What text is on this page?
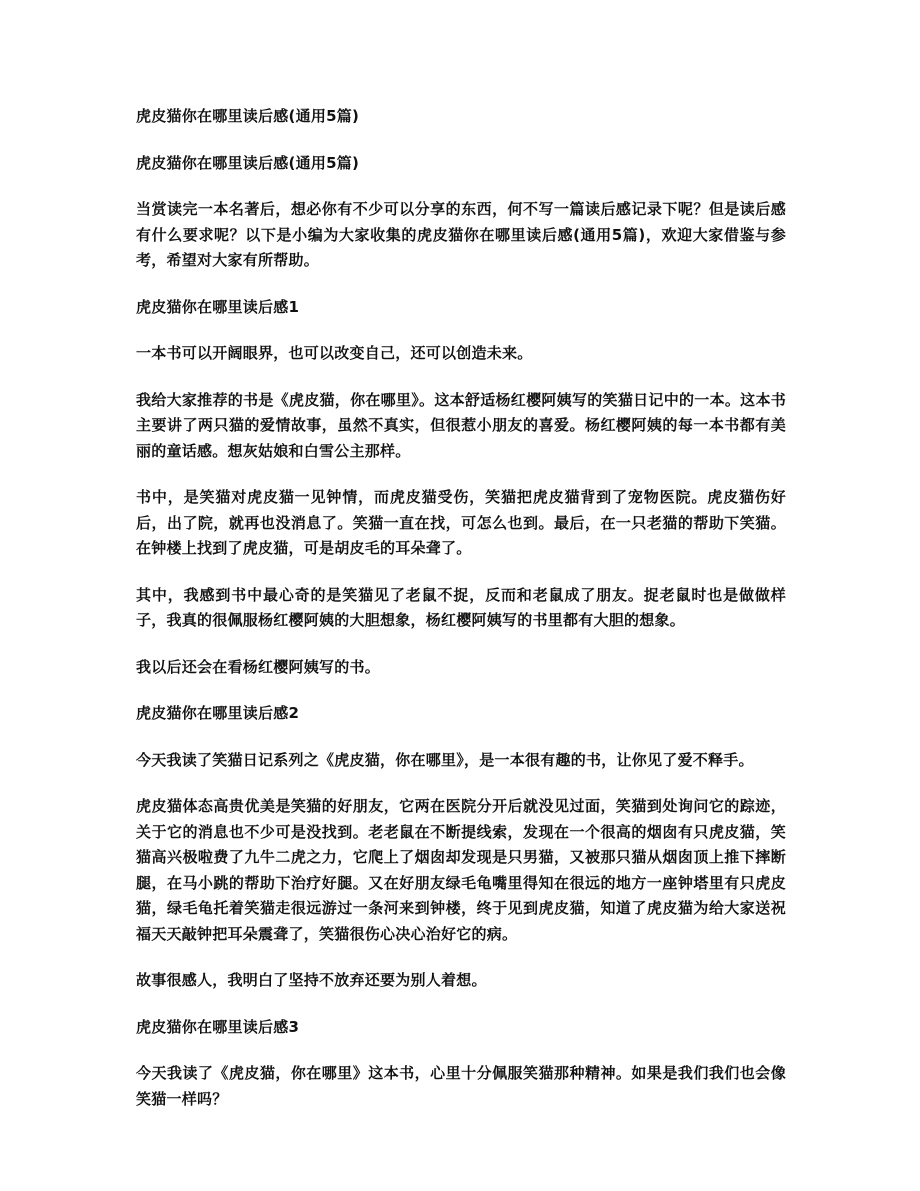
虎皮猫你在哪里读后感(通用5篇)

虎皮猫你在哪里读后感(通用5篇)

当赏读完一本名著后，想必你有不少可以分享的东西，何不写一篇读后感记录下呢？但是读后感有什么要求呢？以下是小编为大家收集的虎皮猫你在哪里读后感(通用5篇)，欢迎大家借鉴与参考，希望对大家有所帮助。

虎皮猫你在哪里读后感1

一本书可以开阔眼界，也可以改变自己，还可以创造未来。

我给大家推荐的书是《虎皮猫，你在哪里》。这本舒适杨红樱阿姨写的笑猫日记中的一本。这本书主要讲了两只猫的爱情故事，虽然不真实，但很惹小朋友的喜爱。杨红樱阿姨的每一本书都有美丽的童话感。想灰姑娘和白雪公主那样。

书中，是笑猫对虎皮猫一见钟情，而虎皮猫受伤，笑猫把虎皮猫背到了宠物医院。虎皮猫伤好后，出了院，就再也没消息了。笑猫一直在找，可怎么也到。最后，在一只老猫的帮助下笑猫。在钟楼上找到了虎皮猫，可是胡皮毛的耳朵聋了。

其中，我感到书中最心奇的是笑猫见了老鼠不捉，反而和老鼠成了朋友。捉老鼠时也是做做样子，我真的很佩服杨红樱阿姨的大胆想象，杨红樱阿姨写的书里都有大胆的想象。

我以后还会在看杨红樱阿姨写的书。

虎皮猫你在哪里读后感2

今天我读了笑猫日记系列之《虎皮猫，你在哪里》，是一本很有趣的书，让你见了爱不释手。

虎皮猫体态高贵优美是笑猫的好朋友，它两在医院分开后就没见过面，笑猫到处询问它的踪迹，关于它的消息也不少可是没找到。老老鼠在不断提线索，发现在一个很高的烟囱有只虎皮猫，笑猫高兴极啦费了九牛二虎之力，它爬上了烟囱却发现是只男猫，又被那只猫从烟囱顶上推下摔断腿，在马小跳的帮助下治疗好腿。又在好朋友绿毛龟嘴里得知在很远的地方一座钟塔里有只虎皮猫，绿毛龟托着笑猫走很远游过一条河来到钟楼，终于见到虎皮猫，知道了虎皮猫为给大家送祝福天天敲钟把耳朵震聋了，笑猫很伤心决心治好它的病。

故事很感人，我明白了坚持不放弃还要为别人着想。

虎皮猫你在哪里读后感3

今天我读了《虎皮猫，你在哪里》这本书，心里十分佩服笑猫那种精神。如果是我们我们也会像笑猫一样吗？
